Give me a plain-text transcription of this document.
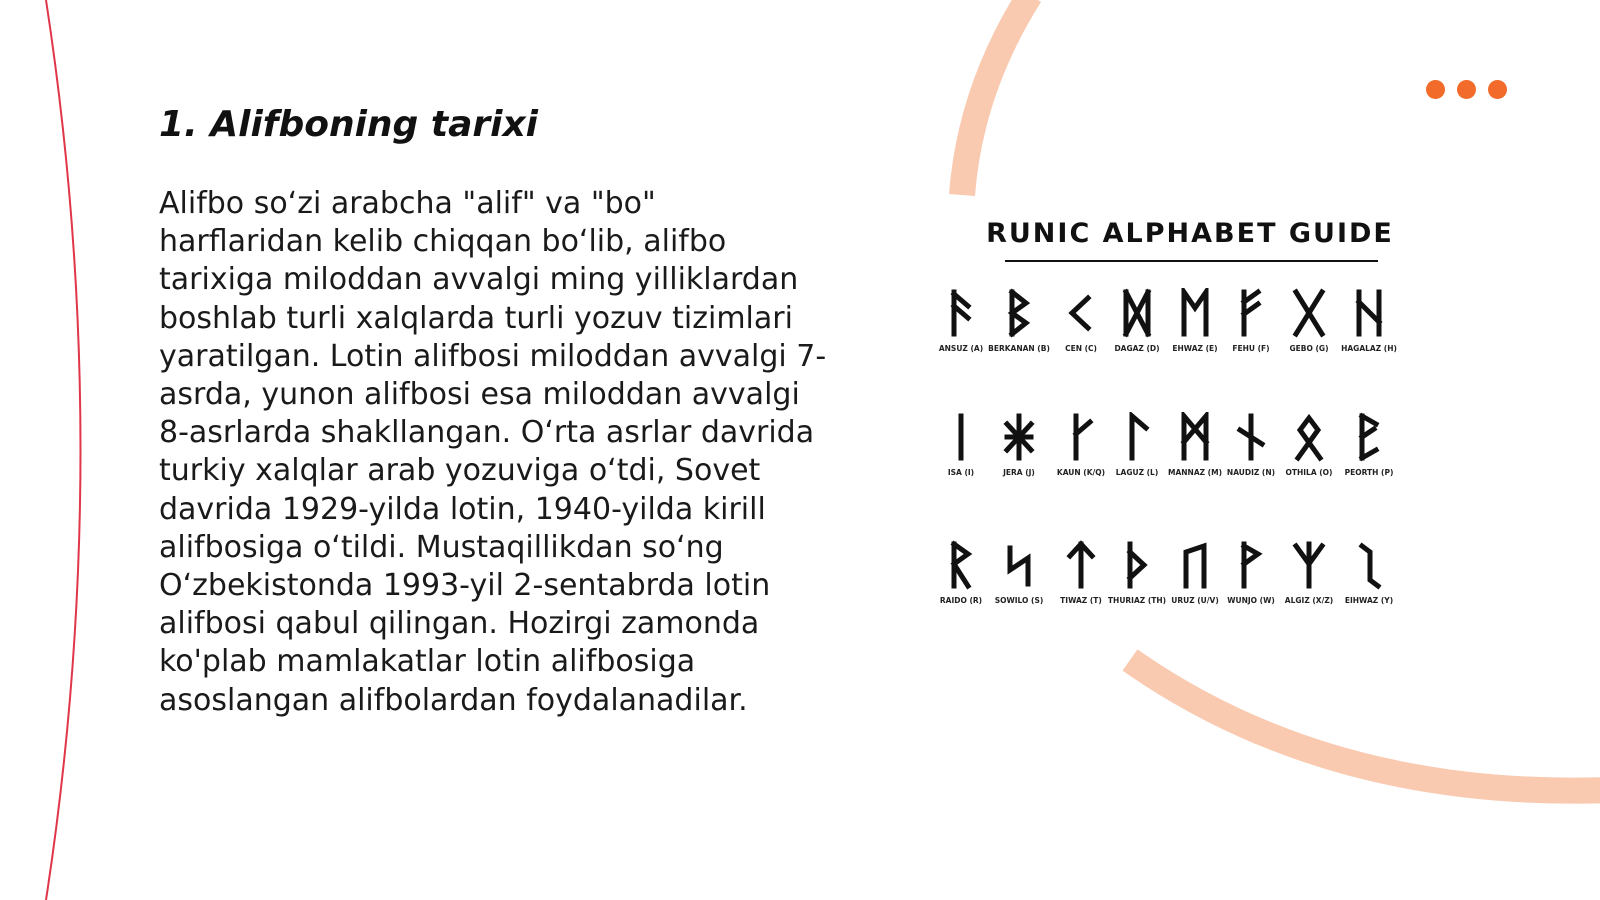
1. Alifboning tarixi

Alifbo so‘zi arabcha "alif" va "bo" harflaridan kelib chiqqan bo‘lib, alifbo tarixiga miloddan avvalgi ming yilliklardan boshlab turli xalqlarda turli yozuv tizimlari yaratilgan. Lotin alifbosi miloddan avvalgi 7-asrda, yunon alifbosi esa miloddan avvalgi 8-asrlarda shakllangan. O‘rta asrlar davrida turkiy xalqlar arab yozuviga o‘tdi, Sovet davrida 1929-yilda lotin, 1940-yilda kirill alifbosiga o‘tildi. Mustaqillikdan so‘ng O‘zbekistonda 1993-yil 2-sentabrda lotin alifbosi qabul qilingan. Hozirgi zamonda ko'plab mamlakatlar lotin alifbosiga asoslangan alifbolardan foydalanadilar.

RUNIC ALPHABET GUIDE
ANSUZ (A) BERKANAN (B)	CEN (C)	DAGAZ (D)	EHWAZ (E)	FEHU (F)	GEBO (G)	HAGALAZ (H)
ISA (I)	JERA (J)	KAUN (K/Q)	LAGUZ (L)	MANNAZ (M) NAUDIZ (N)	OTHILA (O)	PEORTH (P)
RAIDO (R)	SOWILO (S)	TIWAZ (T) THURIAZ (TH) URUZ (U/V)	WUNJO (W)	ALGIZ (X/Z)	EIHWAZ (Y)
